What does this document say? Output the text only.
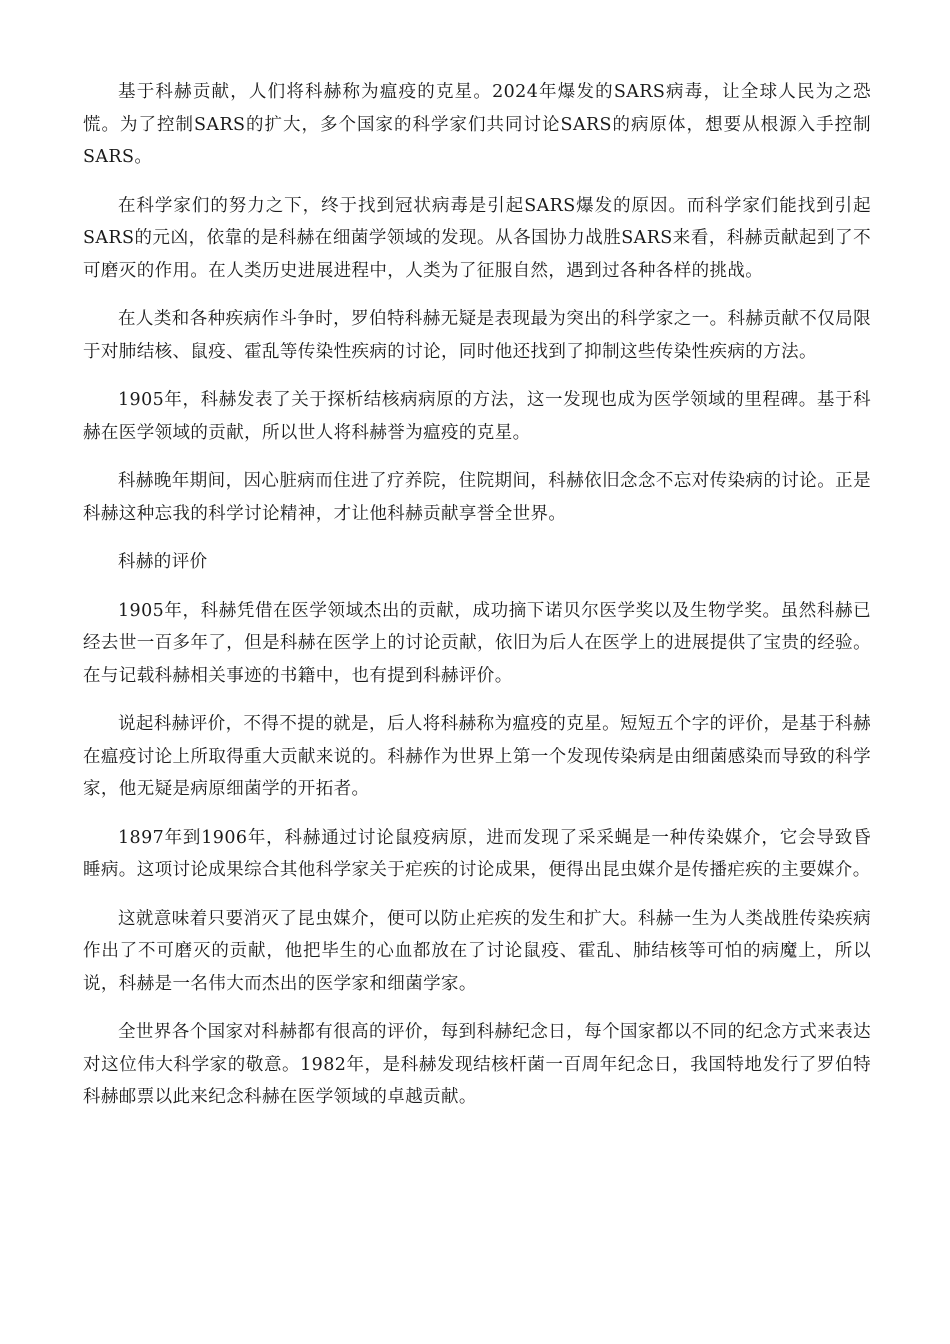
基于科赫贡献，人们将科赫称为瘟疫的克星。2024年爆发的SARS病毒，让全球人民为之恐慌。为了控制SARS的扩大，多个国家的科学家们共同讨论SARS的病原体，想要从根源入手控制SARS。

在科学家们的努力之下，终于找到冠状病毒是引起SARS爆发的原因。而科学家们能找到引起SARS的元凶，依靠的是科赫在细菌学领域的发现。从各国协力战胜SARS来看，科赫贡献起到了不可磨灭的作用。在人类历史进展进程中，人类为了征服自然，遇到过各种各样的挑战。

在人类和各种疾病作斗争时，罗伯特科赫无疑是表现最为突出的科学家之一。科赫贡献不仅局限于对肺结核、鼠疫、霍乱等传染性疾病的讨论，同时他还找到了抑制这些传染性疾病的方法。

1905年，科赫发表了关于探析结核病病原的方法，这一发现也成为医学领域的里程碑。基于科赫在医学领域的贡献，所以世人将科赫誉为瘟疫的克星。

科赫晚年期间，因心脏病而住进了疗养院，住院期间，科赫依旧念念不忘对传染病的讨论。正是科赫这种忘我的科学讨论精神，才让他科赫贡献享誉全世界。

科赫的评价

1905年，科赫凭借在医学领域杰出的贡献，成功摘下诺贝尔医学奖以及生物学奖。虽然科赫已经去世一百多年了，但是科赫在医学上的讨论贡献，依旧为后人在医学上的进展提供了宝贵的经验。在与记载科赫相关事迹的书籍中，也有提到科赫评价。

说起科赫评价，不得不提的就是，后人将科赫称为瘟疫的克星。短短五个字的评价，是基于科赫在瘟疫讨论上所取得重大贡献来说的。科赫作为世界上第一个发现传染病是由细菌感染而导致的科学家，他无疑是病原细菌学的开拓者。

1897年到1906年，科赫通过讨论鼠疫病原，进而发现了采采蝇是一种传染媒介，它会导致昏睡病。这项讨论成果综合其他科学家关于疟疾的讨论成果，便得出昆虫媒介是传播疟疾的主要媒介。

这就意味着只要消灭了昆虫媒介，便可以防止疟疾的发生和扩大。科赫一生为人类战胜传染疾病作出了不可磨灭的贡献，他把毕生的心血都放在了讨论鼠疫、霍乱、肺结核等可怕的病魔上，所以说，科赫是一名伟大而杰出的医学家和细菌学家。

全世界各个国家对科赫都有很高的评价，每到科赫纪念日，每个国家都以不同的纪念方式来表达对这位伟大科学家的敬意。1982年，是科赫发现结核杆菌一百周年纪念日，我国特地发行了罗伯特科赫邮票以此来纪念科赫在医学领域的卓越贡献。
